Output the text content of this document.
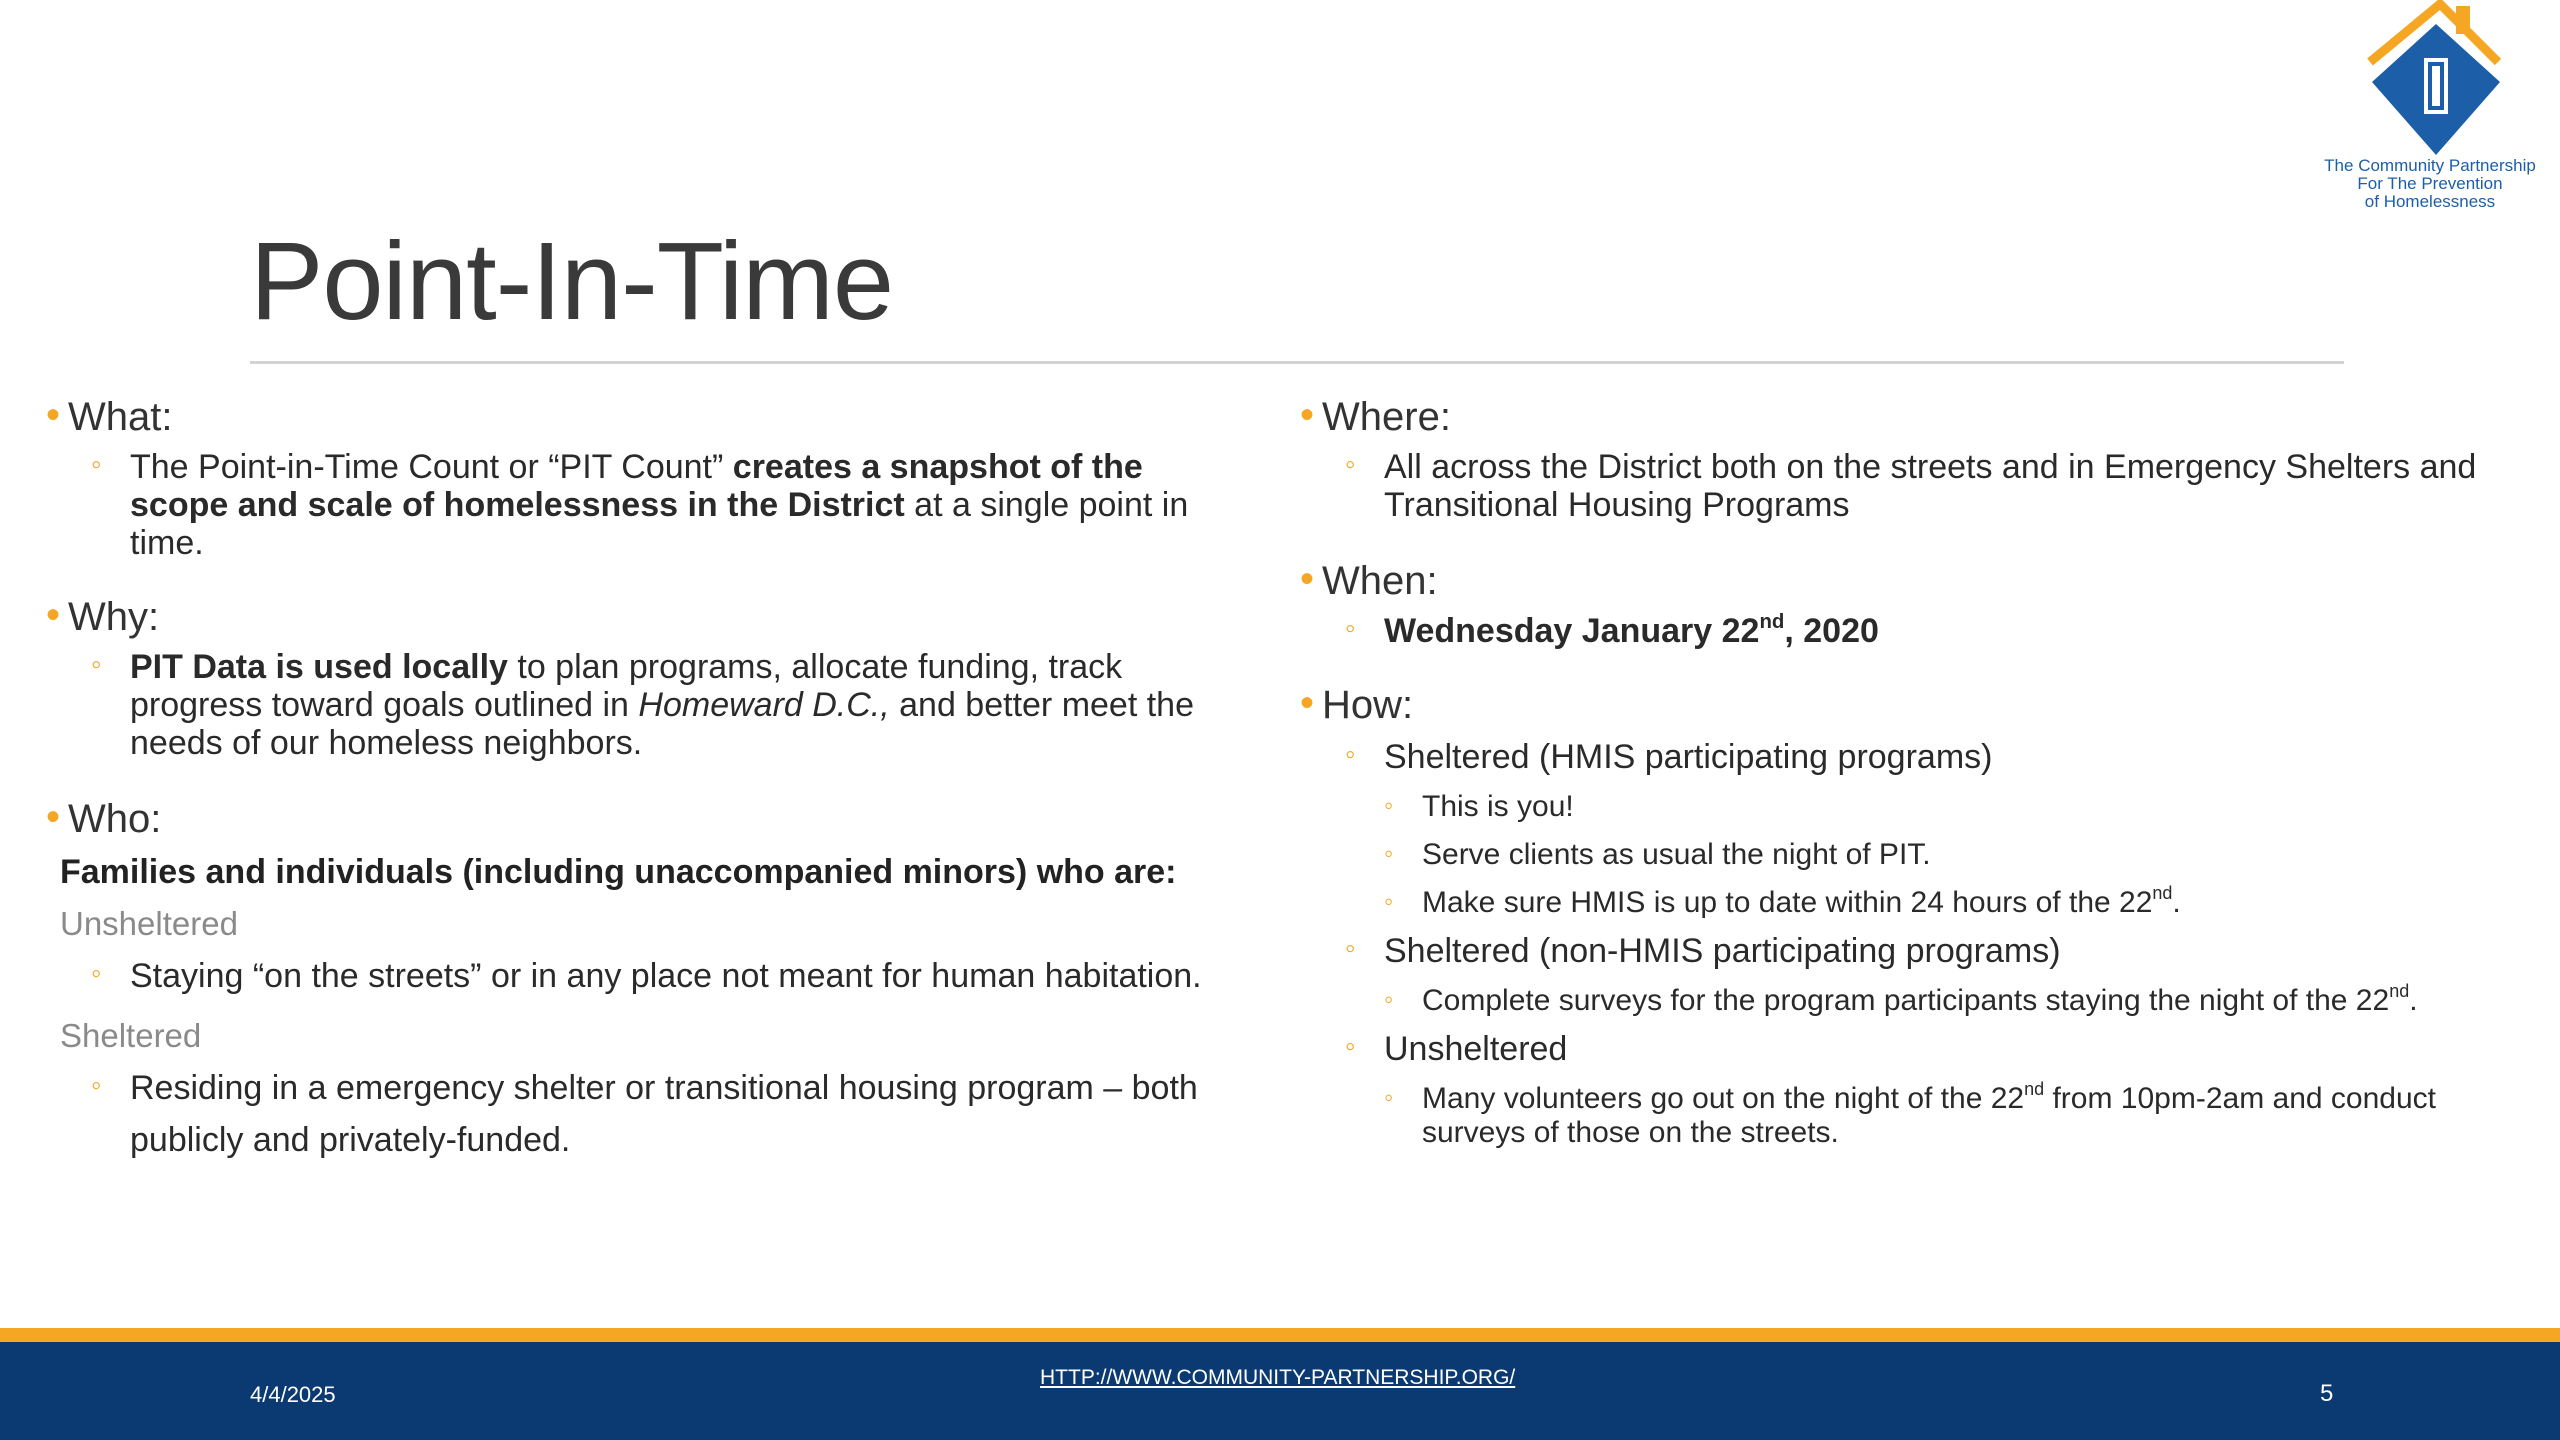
The Community Partnership
For The Prevention
of Homelessness
Point-In-Time
• What:
◦ The Point-in-Time Count or “PIT Count” creates a snapshot of the scope and scale of homelessness in the District at a single point in time.
• Why:
◦ PIT Data is used locally to plan programs, allocate funding, track progress toward goals outlined in Homeward D.C., and better meet the needs of our homeless neighbors.
• Who:
Families and individuals (including unaccompanied minors) who are:
Unsheltered
◦ Staying “on the streets” or in any place not meant for human habitation.
Sheltered
◦ Residing in a emergency shelter or transitional housing program – both publicly and privately-funded.
• Where:
◦ All across the District both on the streets and in Emergency Shelters and Transitional Housing Programs
• When:
◦ Wednesday January 22nd, 2020
• How:
◦ Sheltered (HMIS participating programs)
◦ This is you!
◦ Serve clients as usual the night of PIT.
◦ Make sure HMIS is up to date within 24 hours of the 22nd.
◦ Sheltered (non-HMIS participating programs)
◦ Complete surveys for the program participants staying the night of the 22nd.
◦ Unsheltered
◦ Many volunteers go out on the night of the 22nd from 10pm-2am and conduct surveys of those on the streets.
4/4/2025
HTTP://WWW.COMMUNITY-PARTNERSHIP.ORG/
5
